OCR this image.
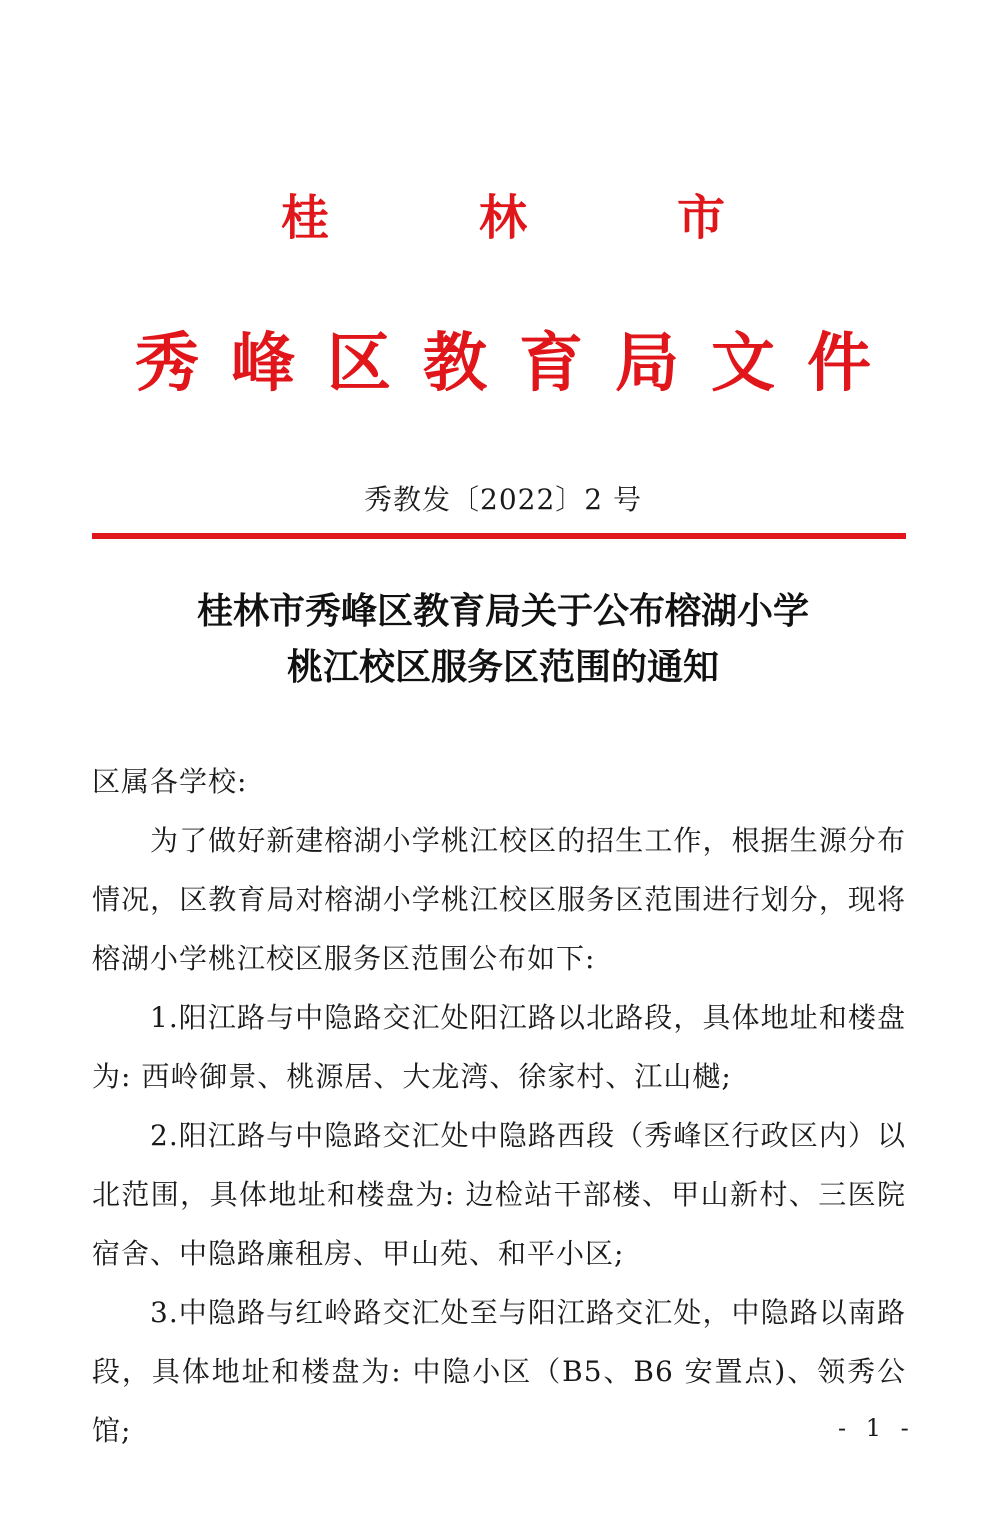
桂林市
秀峰区教育局文件
秀教发〔2022〕2 号
桂林市秀峰区教育局关于公布榕湖小学
桃江校区服务区范围的通知

区属各学校:

为了做好新建榕湖小学桃江校区的招生工作，根据生源分布情况，区教育局对榕湖小学桃江校区服务区范围进行划分，现将榕湖小学桃江校区服务区范围公布如下:

1.阳江路与中隐路交汇处阳江路以北路段，具体地址和楼盘为: 西岭御景、桃源居、大龙湾、徐家村、江山樾;

2.阳江路与中隐路交汇处中隐路西段（秀峰区行政区内）以北范围，具体地址和楼盘为: 边检站干部楼、甲山新村、三医院宿舍、中隐路廉租房、甲山苑、和平小区;

3.中隐路与红岭路交汇处至与阳江路交汇处，中隐路以南路段，具体地址和楼盘为: 中隐小区（B5、B6 安置点)、领秀公馆;	- 1 -
